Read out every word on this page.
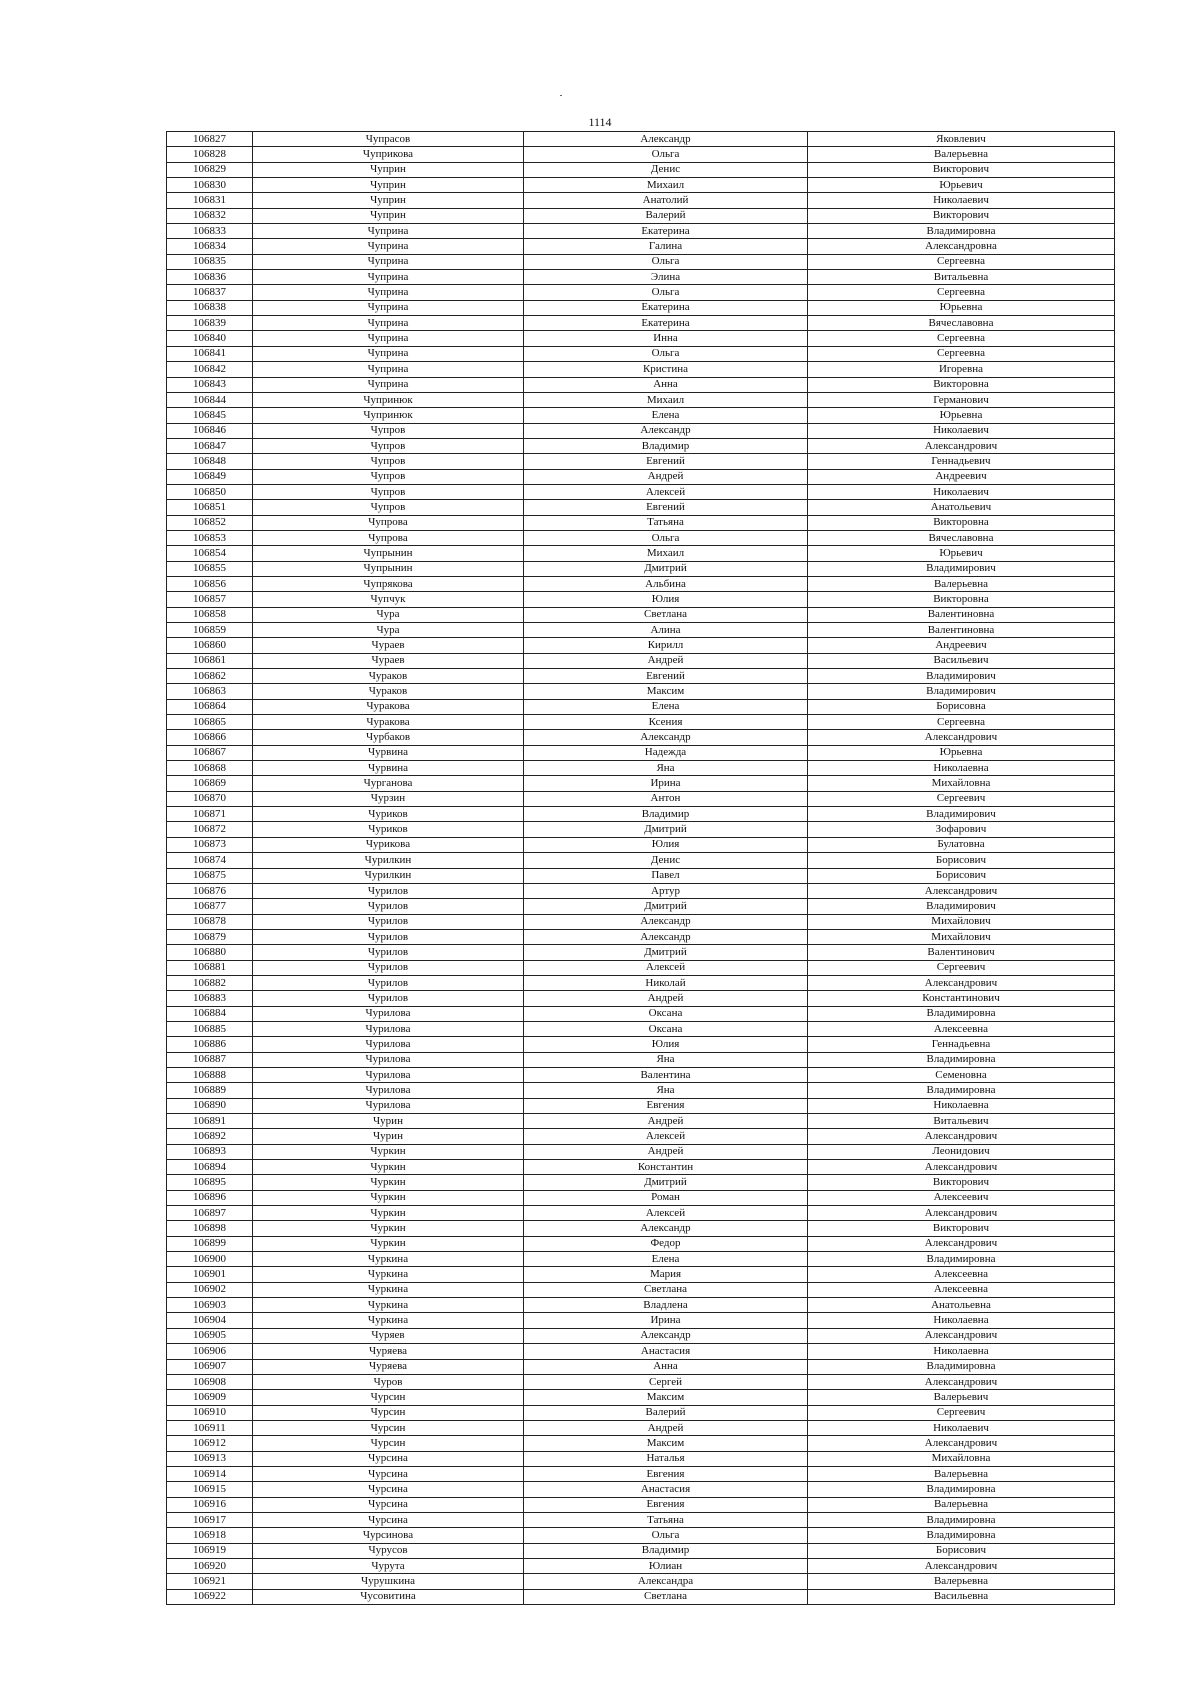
1114
106827	Чупрасов	Александр	Яковлевич
106828	Чуприкова	Ольга	Валерьевна
106829	Чуприн	Денис	Викторович
106830	Чуприн	Михаил	Юрьевич
106831	Чуприн	Анатолий	Николаевич
106832	Чуприн	Валерий	Викторович
106833	Чуприна	Екатерина	Владимировна
106834	Чуприна	Галина	Александровна
106835	Чуприна	Ольга	Сергеевна
106836	Чуприна	Элина	Витальевна
106837	Чуприна	Ольга	Сергеевна
106838	Чуприна	Екатерина	Юрьевна
106839	Чуприна	Екатерина	Вячеславовна
106840	Чуприна	Инна	Сергеевна
106841	Чуприна	Ольга	Сергеевна
106842	Чуприна	Кристина	Игоревна
106843	Чуприна	Анна	Викторовна
106844	Чупринюк	Михаил	Германович
106845	Чупринюк	Елена	Юрьевна
106846	Чупров	Александр	Николаевич
106847	Чупров	Владимир	Александрович
106848	Чупров	Евгений	Геннадьевич
106849	Чупров	Андрей	Андреевич
106850	Чупров	Алексей	Николаевич
106851	Чупров	Евгений	Анатольевич
106852	Чупрова	Татьяна	Викторовна
106853	Чупрова	Ольга	Вячеславовна
106854	Чупрынин	Михаил	Юрьевич
106855	Чупрынин	Дмитрий	Владимирович
106856	Чупрякова	Альбина	Валерьевна
106857	Чупчук	Юлия	Викторовна
106858	Чура	Светлана	Валентиновна
106859	Чура	Алина	Валентиновна
106860	Чураев	Кирилл	Андреевич
106861	Чураев	Андрей	Васильевич
106862	Чураков	Евгений	Владимирович
106863	Чураков	Максим	Владимирович
106864	Чуракова	Елена	Борисовна
106865	Чуракова	Ксения	Сергеевна
106866	Чурбаков	Александр	Александрович
106867	Чурвина	Надежда	Юрьевна
106868	Чурвина	Яна	Николаевна
106869	Чурганова	Ирина	Михайловна
106870	Чурзин	Антон	Сергеевич
106871	Чуриков	Владимир	Владимирович
106872	Чуриков	Дмитрий	Зофарович
106873	Чурикова	Юлия	Булатовна
106874	Чурилкин	Денис	Борисович
106875	Чурилкин	Павел	Борисович
106876	Чурилов	Артур	Александрович
106877	Чурилов	Дмитрий	Владимирович
106878	Чурилов	Александр	Михайлович
106879	Чурилов	Александр	Михайлович
106880	Чурилов	Дмитрий	Валентинович
106881	Чурилов	Алексей	Сергеевич
106882	Чурилов	Николай	Александрович
106883	Чурилов	Андрей	Константинович
106884	Чурилова	Оксана	Владимировна
106885	Чурилова	Оксана	Алексеевна
106886	Чурилова	Юлия	Геннадьевна
106887	Чурилова	Яна	Владимировна
106888	Чурилова	Валентина	Семеновна
106889	Чурилова	Яна	Владимировна
106890	Чурилова	Евгения	Николаевна
106891	Чурин	Андрей	Витальевич
106892	Чурин	Алексей	Александрович
106893	Чуркин	Андрей	Леонидович
106894	Чуркин	Константин	Александрович
106895	Чуркин	Дмитрий	Викторович
106896	Чуркин	Роман	Алексеевич
106897	Чуркин	Алексей	Александрович
106898	Чуркин	Александр	Викторович
106899	Чуркин	Федор	Александрович
106900	Чуркина	Елена	Владимировна
106901	Чуркина	Мария	Алексеевна
106902	Чуркина	Светлана	Алексеевна
106903	Чуркина	Владлена	Анатольевна
106904	Чуркина	Ирина	Николаевна
106905	Чуряев	Александр	Александрович
106906	Чуряева	Анастасия	Николаевна
106907	Чуряева	Анна	Владимировна
106908	Чуров	Сергей	Александрович
106909	Чурсин	Максим	Валерьевич
106910	Чурсин	Валерий	Сергеевич
106911	Чурсин	Андрей	Николаевич
106912	Чурсин	Максим	Александрович
106913	Чурсина	Наталья	Михайловна
106914	Чурсина	Евгения	Валерьевна
106915	Чурсина	Анастасия	Владимировна
106916	Чурсина	Евгения	Валерьевна
106917	Чурсина	Татьяна	Владимировна
106918	Чурсинова	Ольга	Владимировна
106919	Чурусов	Владимир	Борисович
106920	Чурута	Юлиан	Александрович
106921	Чурушкина	Александра	Валерьевна
106922	Чусовитина	Светлана	Васильевна
